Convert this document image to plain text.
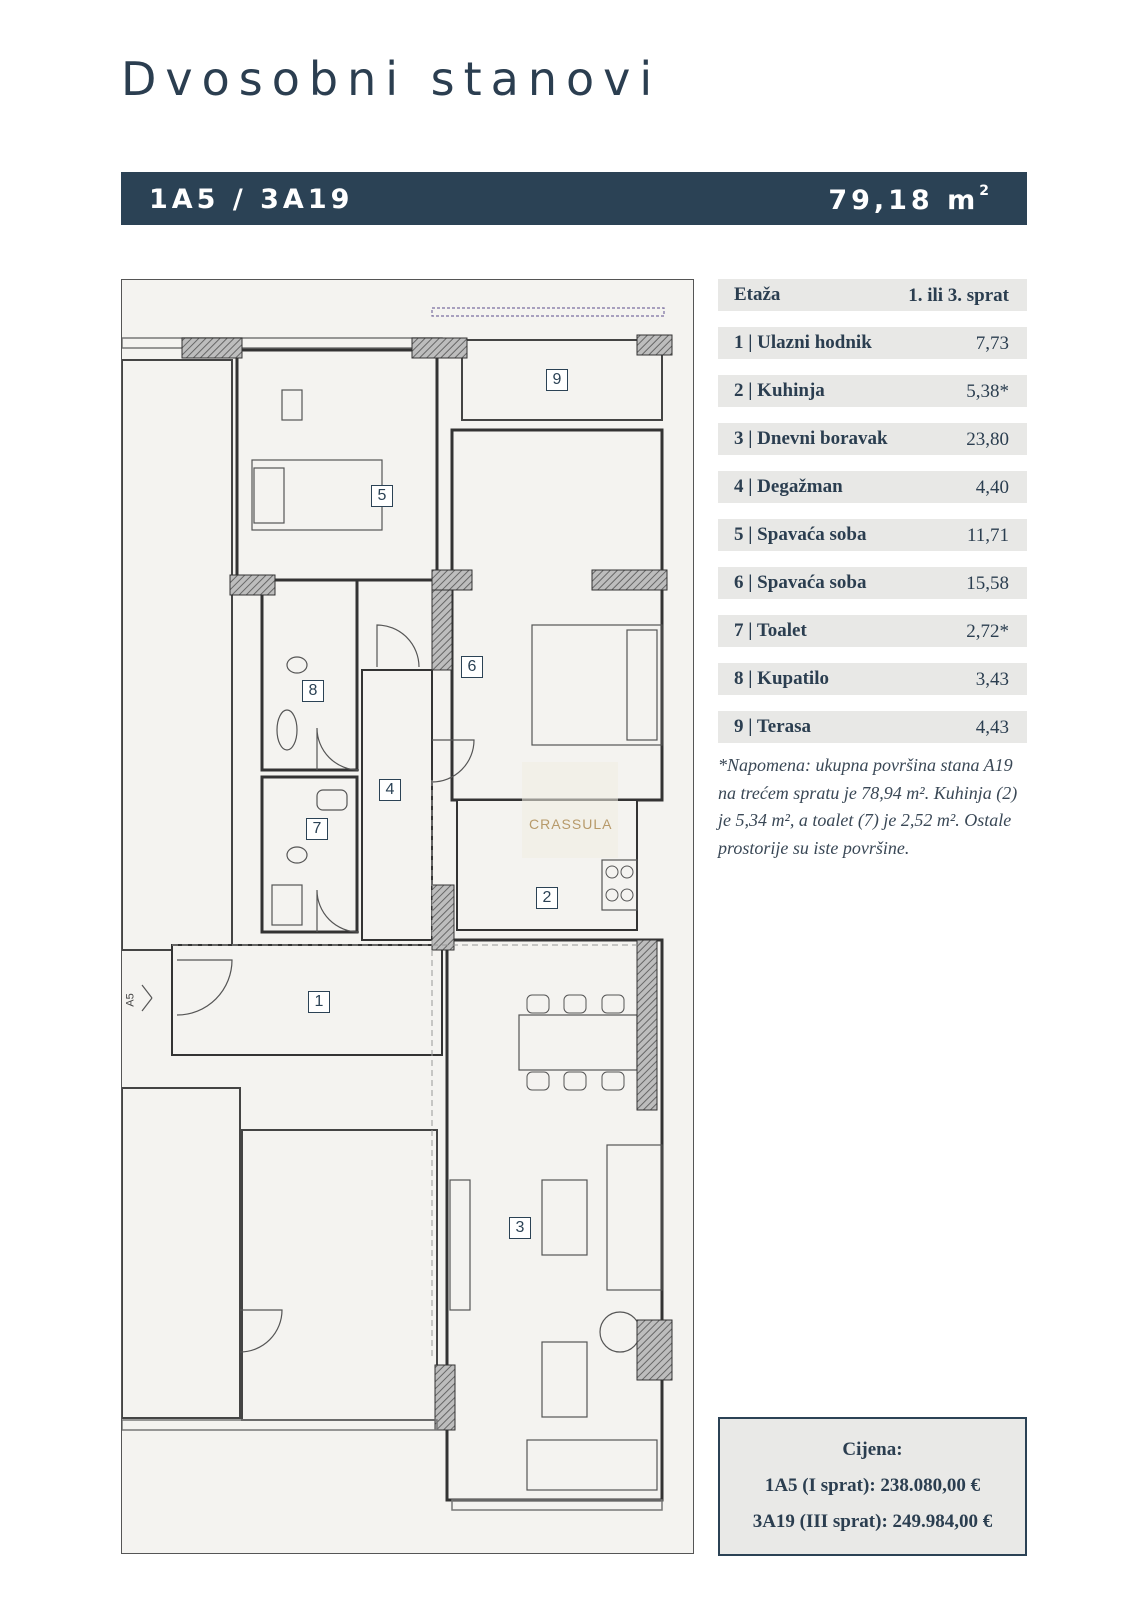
Dvosobni stanovi
1A5 / 3A19	79,18 $m^2$
9
5
6
8
4
7
2
1
3
A5
CRASSULA
Etaža	1. ili 3. sprat
1 | Ulazni hodnik	7,73
2 | Kuhinja	5,38*
3 | Dnevni boravak	23,80
4 | Degažman	4,40
5 | Spavaća soba	11,71
6 | Spavaća soba	15,58
7 | Toalet	2,72*
8 | Kupatilo	3,43
9 | Terasa	4,43
*Napomena: ukupna površina stana A19 na trećem spratu je 78,94 m². Kuhinja (2) je 5,34 m², a toalet (7) je 2,52 m². Ostale prostorije su iste površine.
Cijena:
1A5 (I sprat): 238.080,00 €
3A19 (III sprat): 249.984,00 €
